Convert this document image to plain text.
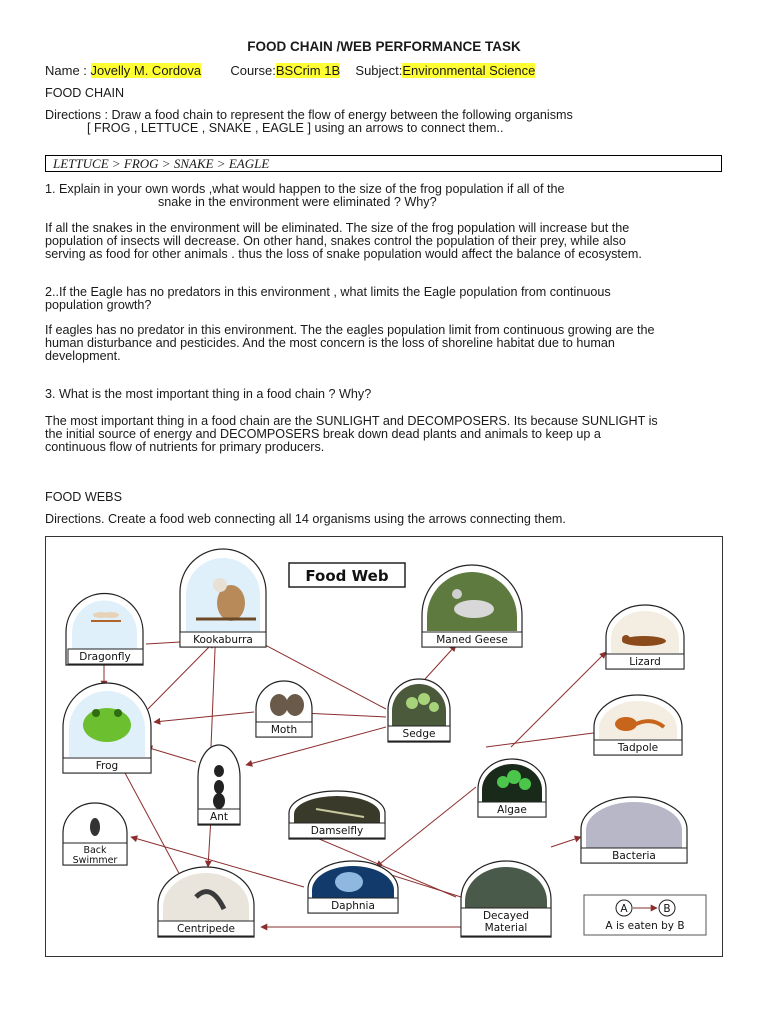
FOOD CHAIN /WEB PERFORMANCE TASK
Name : Jovelly M. Cordova Course:BSCrim 1B Subject:Environmental Science
FOOD CHAIN
Directions : Draw a food chain to represent the flow of energy between the following organisms
[ FROG , LETTUCE , SNAKE , EAGLE ] using an arrows to connect them..
LETTUCE > FROG > SNAKE > EAGLE
1. Explain in your own words ,what would happen to the size of the frog population if all of the
snake in the environment were eliminated ? Why?
If all the snakes in the environment will be eliminated. The size of the frog population will increase but the
population of insects will decrease. On other hand, snakes control the population of their prey, while also
serving as food for other animals . thus the loss of snake population would affect the balance of ecosystem.
2..If the Eagle has no predators in this environment , what limits the Eagle population from continuous
population growth?
If eagles has no predator in this environment. The the eagles population limit from continuous growing are the
human disturbance and pesticides. And the most concern is the loss of shoreline habitat due to human
development.
3. What is the most important thing in a food chain ? Why?
The most important thing in a food chain are the SUNLIGHT and DECOMPOSERS. Its because SUNLIGHT is
the initial source of energy and DECOMPOSERS break down dead plants and animals to keep up a
continuous flow of nutrients for primary producers.
FOOD WEBS
Directions. Create a food web connecting all 14 organisms using the arrows connecting them.
Food Web
Kookaburra
Dragonfly
Frog
Moth
Ant
Sedge
Maned Geese
Lizard
Tadpole
Algae
Damselfly
Bacteria
Back
Swimmer
Daphnia
Centripede
Decayed
Material
A	B
A is eaten by B
